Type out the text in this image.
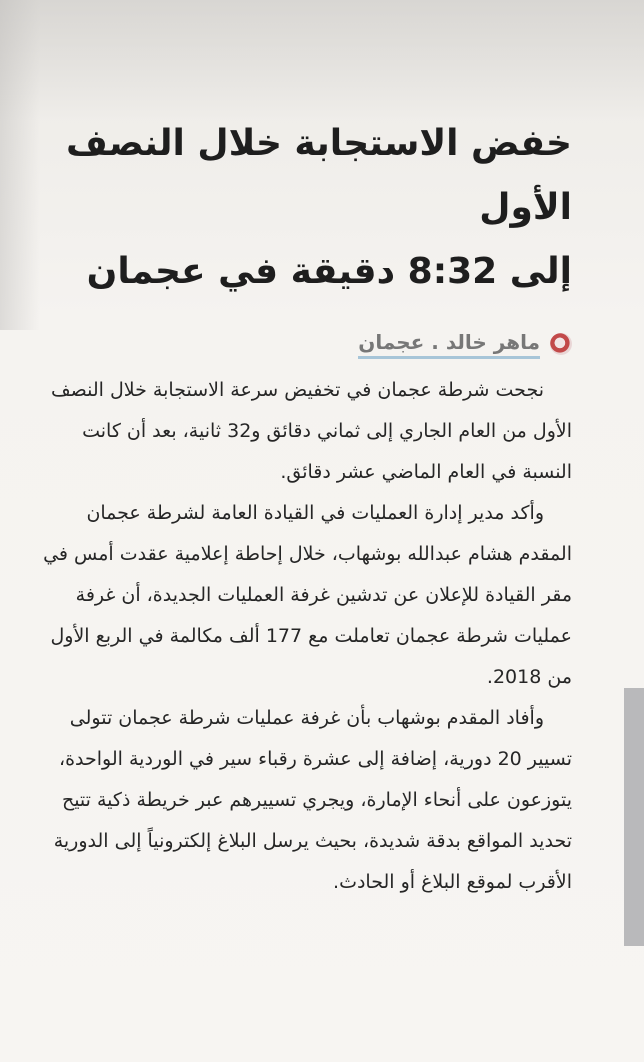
خفض الاستجابة خلال النصف الأول
إلى 8:32 دقيقة في عجمان
ماهر خالد . عجمان

نجحت شرطة عجمان في تخفيض سرعة الاستجابة خلال النصف الأول من العام الجاري إلى ثماني دقائق و32 ثانية، بعد أن كانت النسبة في العام الماضي عشر دقائق.

وأكد مدير إدارة العمليات في القيادة العامة لشرطة عجمان المقدم هشام عبدالله بوشهاب، خلال إحاطة إعلامية عقدت أمس في مقر القيادة للإعلان عن تدشين غرفة العمليات الجديدة، أن غرفة عمليات شرطة عجمان تعاملت مع 177 ألف مكالمة في الربع الأول من 2018.

وأفاد المقدم بوشهاب بأن غرفة عمليات شرطة عجمان تتولى تسيير 20 دورية، إضافة إلى عشرة رقباء سير في الوردية الواحدة، يتوزعون على أنحاء الإمارة، ويجري تسييرهم عبر خريطة ذكية تتيح تحديد المواقع بدقة شديدة، بحيث يرسل البلاغ إلكترونياً إلى الدورية الأقرب لموقع البلاغ أو الحادث.
